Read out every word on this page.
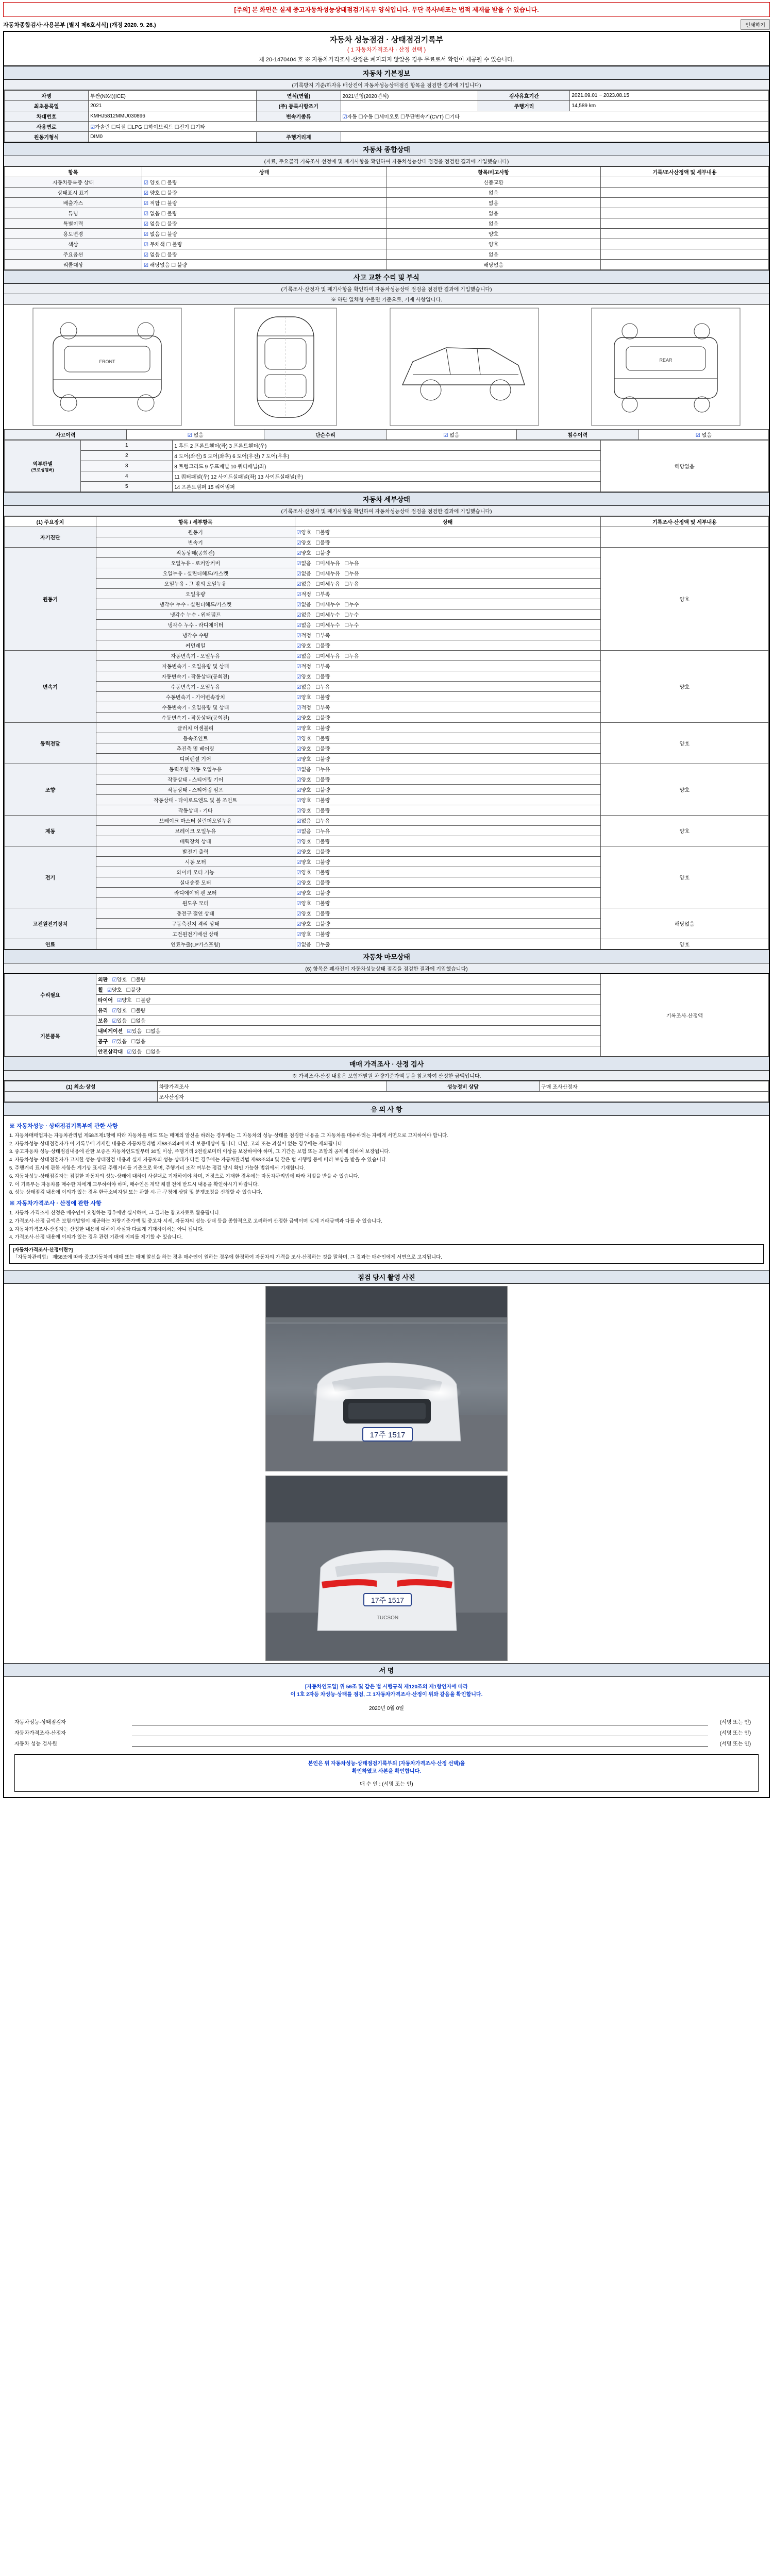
[주의] 본 화면은 실제 중고자동차성능상태점검기록부 양식입니다. 무단 복사/배포는 법적 제재를 받을 수 있습니다.
자동차종합검사·사용본부 [별지 제6호서식] (개정 2020. 9. 26.)	인쇄하기
자동차 성능점검 · 상태점검기록부
( 1 자동차가격조사 · 산정 선택 )
제 20-1470404 호 ※ 자동차가격조사·산정은 폐지되지 않았을 경우 무료로서 확인이 제공될 수 있습니다.
자동차 기본정보
(기록방지 기준/하자유 배상진이 자동차성능상태점검 항목을 점검한 결과에 기입니다)
차명	투싼(NX4)(ICE)	연식(연월)	2021년형(2020년식)	검사유효기간	2021.09.01 ~ 2023.08.15
최초등록일	2021	(주) 등록사항조기		주행거리	14,589 km
차대번호	KMHJ5812MMU030896	변속기종류	☑자동 ☐수동 ☐세미오토 ☐무단변속기(CVT) ☐기타		
사용연료	☑가솔린 ☐디젤 ☐LPG ☐하이브리드 ☐전기 ☐기타				
원동기형식	DIM0	주행거리계			
자동차 종합상태
(자료, 주요골격 기록조사 선정에 및 폐기사항을 확인하여 자동차성능상태 점검을 점검한 결과에 기입했습니다)
항목	상태	항목/비고사항	기록/조사산정액 및 세부내용
자동차등록증 상태	☑ 양호 ☐ 불량	신품교환	
상태표시 표기	☑ 양호 ☐ 불량	없음	
배출가스	☑ 적합 ☐ 불량	없음	
튜닝	☑ 없음 ☐ 불량	없음	
특별이력	☑ 없음 ☐ 불량	없음	
용도변경	☑ 없음 ☐ 불량	양호	
색상	☑ 무채색 ☐ 불량	양호	
주요옵션	☑ 없음 ☐ 불량	없음	
리콜대상	☑ 해당없음 ☐ 불량	해당없음	
사고 교환 수리 및 부식
(기록조사·산정자 및 폐기사항을 확인하여 자동차성능상태 점검을 점검한 결과에 기입했습니다)
※ 하단 일체형 수불면 기준으로, 기재 사항입니다.
FRONT	REAR
사고이력	☑ 없음	단순수리	☑ 없음	침수이력	☑ 없음
외부판넬
(크로싱멤버)	1	1 후드 2 프론트휀더(좌) 3 프론트휀더(우)	해당없음
	2	4 도어(좌전) 5 도어(좌후) 6 도어(우전) 7 도어(우후)	
	3	8 트렁크리드 9 루프패널 10 쿼터패널(좌)	
	4	11 쿼터패널(우) 12 사이드실패널(좌) 13 사이드실패널(우)	
	5	14 프론트범퍼 15 리어범퍼	
자동차 세부상태
(기록조사·산정자 및 폐기사항을 확인하여 자동차성능상태 점검을 점검한 결과에 기입했습니다)
(1) 주요장치	항목 / 세부항목	상태	기록조사·산정액 및 세부내용
자기진단	원동기	☑양호   ☐불량	
	변속기	☑양호   ☐불량	
원동기	작동상태(공회전)	☑양호   ☐불량	양호
	오일누유 - 로커암커버	☑없음   ☐미세누유   ☐누유	
	오일누유 - 실린더헤드/가스켓	☑없음   ☐미세누유   ☐누유	
	오일누유 - 그 밖의 오일누유	☑없음   ☐미세누유   ☐누유	
	오일유량	☑적정   ☐부족	
	냉각수 누수 - 실린더헤드/가스켓	☑없음   ☐미세누수   ☐누수	
	냉각수 누수 - 워터펌프	☑없음   ☐미세누수   ☐누수	
	냉각수 누수 - 라디에이터	☑없음   ☐미세누수   ☐누수	
	냉각수 수량	☑적정   ☐부족	
	커먼레일	☑양호   ☐불량	
변속기	자동변속기 - 오일누유	☑없음   ☐미세누유   ☐누유	양호
	자동변속기 - 오일유량 및 상태	☑적정   ☐부족	
	자동변속기 - 작동상태(공회전)	☑양호   ☐불량	
	수동변속기 - 오일누유	☑없음   ☐누유	
	수동변속기 - 기어변속장치	☑양호   ☐불량	
	수동변속기 - 오일유량 및 상태	☑적정   ☐부족	
	수동변속기 - 작동상태(공회전)	☑양호   ☐불량	
동력전달	클러치 어셈블리	☑양호   ☐불량	양호
	등속조인트	☑양호   ☐불량	
	추진축 및 베어링	☑양호   ☐불량	
	디퍼렌셜 기어	☑양호   ☐불량	
조향	동력조향 작동 오일누유	☑없음   ☐누유	양호
	작동상태 - 스티어링 기어	☑양호   ☐불량	
	작동상태 - 스티어링 펌프	☑양호   ☐불량	
	작동상태 - 타이로드엔드 및 볼 조인트	☑양호   ☐불량	
	작동상태 - 기타	☑양호   ☐불량	
제동	브레이크 마스터 실린더오일누유	☑없음   ☐누유	양호
	브레이크 오일누유	☑없음   ☐누유	
	배력장치 상태	☑양호   ☐불량	
전기	발전기 출력	☑양호   ☐불량	양호
	시동 모터	☑양호   ☐불량	
	와이퍼 모터 기능	☑양호   ☐불량	
	실내송풍 모터	☑양호   ☐불량	
	라디에이터 팬 모터	☑양호   ☐불량	
	윈도우 모터	☑양호   ☐불량	
고전원전기장치	충전구 절연 상태	☑양호   ☐불량	해당없음
	구동축전지 격리 상태	☑양호   ☐불량	
	고전원전기배선 상태	☑양호   ☐불량	
연료	연료누출(LP가스포함)	☑없음   ☐누출	양호
자동차 마모상태
(6) 항목은 폐사진이 자동차성능상태 점검을 점검한 결과에 기입했습니다)
수리필요	외판 ☑양호   ☐불량	기록조사·산정액
	휠 ☑양호   ☐불량	
	타이어 ☑양호   ☐불량	
	유리 ☑양호   ☐불량	
기본품목	보유 ☑있음   ☐없음	
	내비게이션 ☑있음   ☐없음	
	공구 ☑있음   ☐없음	
	안전삼각대 ☑있음   ☐없음	
매매 가격조사 · 산정 검사
※ 가격조사·산정 내용은 보험개발원 차량기준가액 등을 참고하여 산정한 금액입니다.
(1) 최소·상성	차량가격조사	성능정비 상담	구매 조사산정자
	조사산정자		
유 의 사 항
※ 자동차성능 · 상태점검기록부에 관한 사항

1. 자동차매매업자는 자동차관리법 제58조제1항에 따라 자동차를 매도 또는 매매의 알선을 하려는 경우에는 그 자동차의 성능·상태를 점검한 내용을 그 자동차를 매수하려는 자에게 서면으로 고지하여야 합니다.

2. 자동차성능·상태점검자가 이 기록부에 기재한 내용은 자동차관리법 제58조의4에 따라 보증대상이 됩니다. 다만, 고의 또는 과실이 없는 경우에는 제외됩니다.

3. 중고자동차 성능·상태점검내용에 관한 보증은 자동차인도일부터 30일 이상, 주행거리 2천킬로미터 이상을 보장하여야 하며, 그 기간은 보험 또는 조합의 공제에 의하여 보장됩니다.

4. 자동차성능·상태점검자가 고지한 성능·상태점검 내용과 실제 자동차의 성능·상태가 다른 경우에는 자동차관리법 제58조의4 및 같은 법 시행령 등에 따라 보상을 받을 수 있습니다.

5. 주행거리 표시에 관한 사항은 계기상 표시된 주행거리를 기준으로 하며, 주행거리 조작 여부는 점검 당시 확인 가능한 범위에서 기재합니다.

6. 자동차성능·상태점검자는 점검한 자동차의 성능·상태에 대하여 사실대로 기재하여야 하며, 거짓으로 기재한 경우에는 자동차관리법에 따라 처벌을 받을 수 있습니다.

7. 이 기록부는 자동차를 매수한 자에게 교부하여야 하며, 매수인은 계약 체결 전에 반드시 내용을 확인하시기 바랍니다.

8. 성능·상태점검 내용에 이의가 있는 경우 한국소비자원 또는 관할 시·군·구청에 상담 및 분쟁조정을 신청할 수 있습니다.

※ 자동차가격조사 · 산정에 관한 사항

1. 자동차 가격조사·산정은 매수인이 요청하는 경우에만 실시하며, 그 결과는 참고자료로 활용됩니다.

2. 가격조사·산정 금액은 보험개발원이 제공하는 차량기준가액 및 중고차 시세, 자동차의 성능·상태 등을 종합적으로 고려하여 산정한 금액이며 실제 거래금액과 다를 수 있습니다.

3. 자동차가격조사·산정자는 산정한 내용에 대하여 사실과 다르게 기재하여서는 아니 됩니다.

4. 가격조사·산정 내용에 이의가 있는 경우 관련 기관에 이의를 제기할 수 있습니다.

[자동차가격조사·산정이란?]
「자동차관리법」 제58조에 따라 중고자동차의 매매 또는 매매 알선을 하는 경우 매수인이 원하는 경우에 한정하여 자동차의 가격을 조사·산정하는 것을 말하며, 그 결과는 매수인에게 서면으로 고지됩니다.
점검 당시 촬영 사진
17주 1517
17주 1517
TUCSON
서 명
[자동차인도일] 위 56조 및 같은 법 시행규칙 제120조의 제1항인자에 따라
이 1호 2자등 차성능·상태를 점검, 그 1자동차가격조사·산정이 위와 같음을 확인합니다.
2020년 0월 0일
자동차성능·상태점검자	(서명 또는 인)
자동차가격조사·산정자	(서명 또는 인)
자동차 성능 검사원	(서명 또는 인)
본인은 위 자동차성능·상태점검기록부의 [자동차가격조사·산정 선택)을
확인하였고 사본을 확인합니다.
매 수 인 : (서명 또는 인)
